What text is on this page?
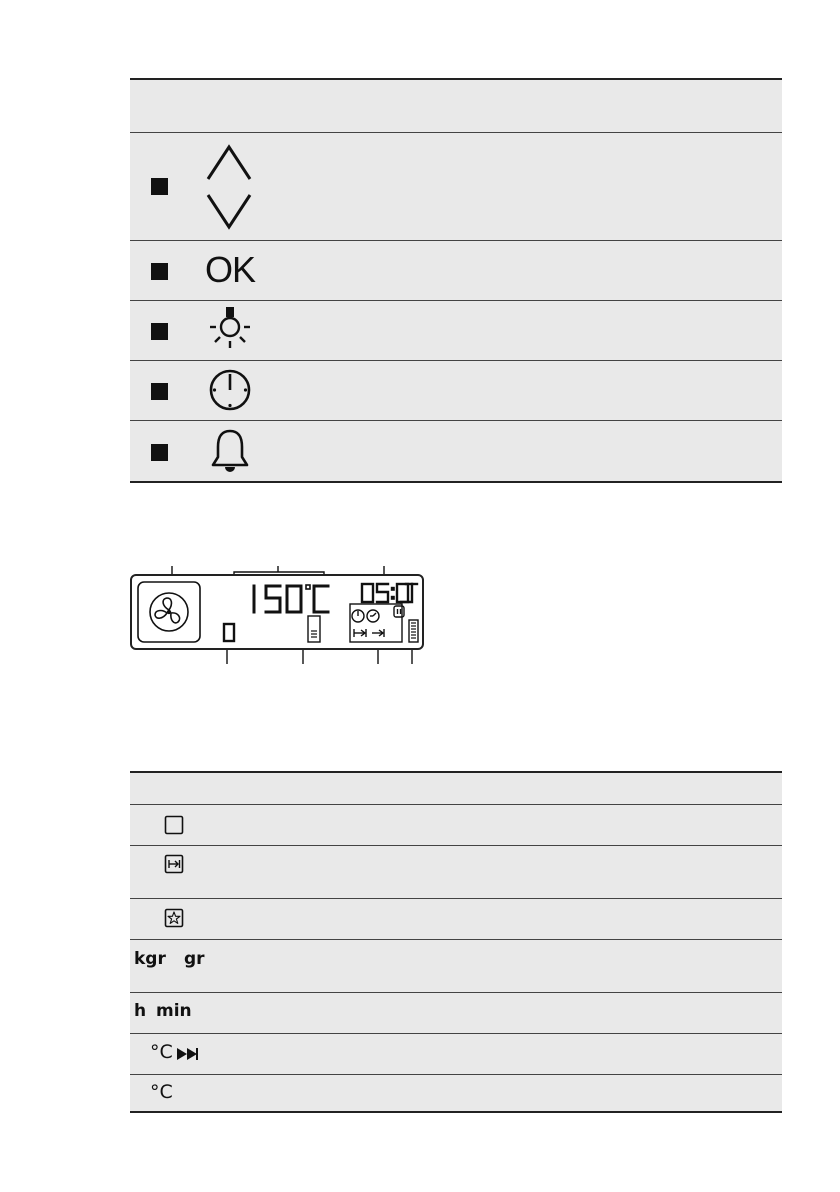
OK
kgr gr
h min
°C
°C
